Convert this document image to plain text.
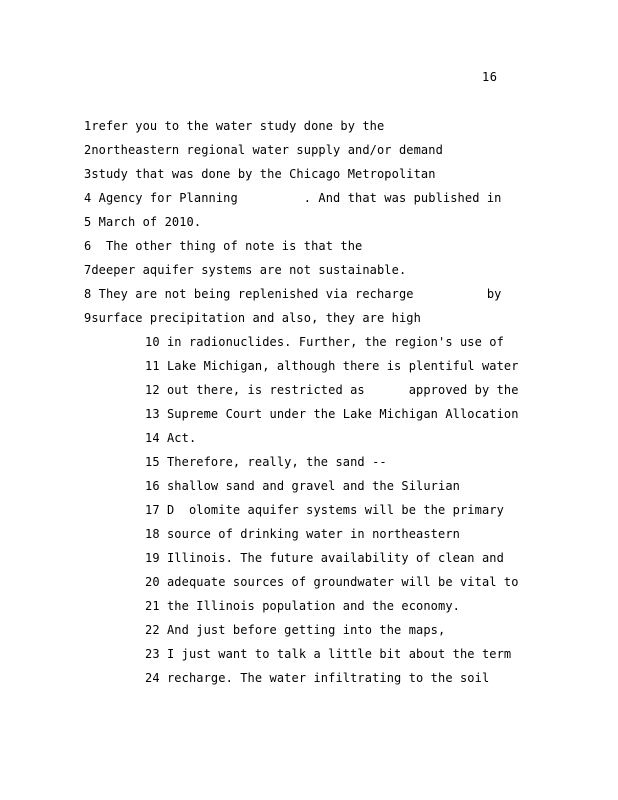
16
1refer you to the water study done by the
2northeastern regional water supply and/or demand
3study that was done by the Chicago Metropolitan
4 Agency for Planning         . And that was published in
5 March of 2010.
6  The other thing of note is that the
7deeper aquifer systems are not sustainable.
8 They are not being replenished via recharge          by
9surface precipitation and also, they are high
10 in radionuclides. Further, the region's use of
11 Lake Michigan, although there is plentiful water
12 out there, is restricted as      approved by the
13 Supreme Court under the Lake Michigan Allocation
14 Act.
15 Therefore, really, the sand --
16 shallow sand and gravel and the Silurian
17 D  olomite aquifer systems will be the primary
18 source of drinking water in northeastern
19 Illinois. The future availability of clean and
20 adequate sources of groundwater will be vital to
21 the Illinois population and the economy.
22 And just before getting into the maps,
23 I just want to talk a little bit about the term
24 recharge. The water infiltrating to the soil
